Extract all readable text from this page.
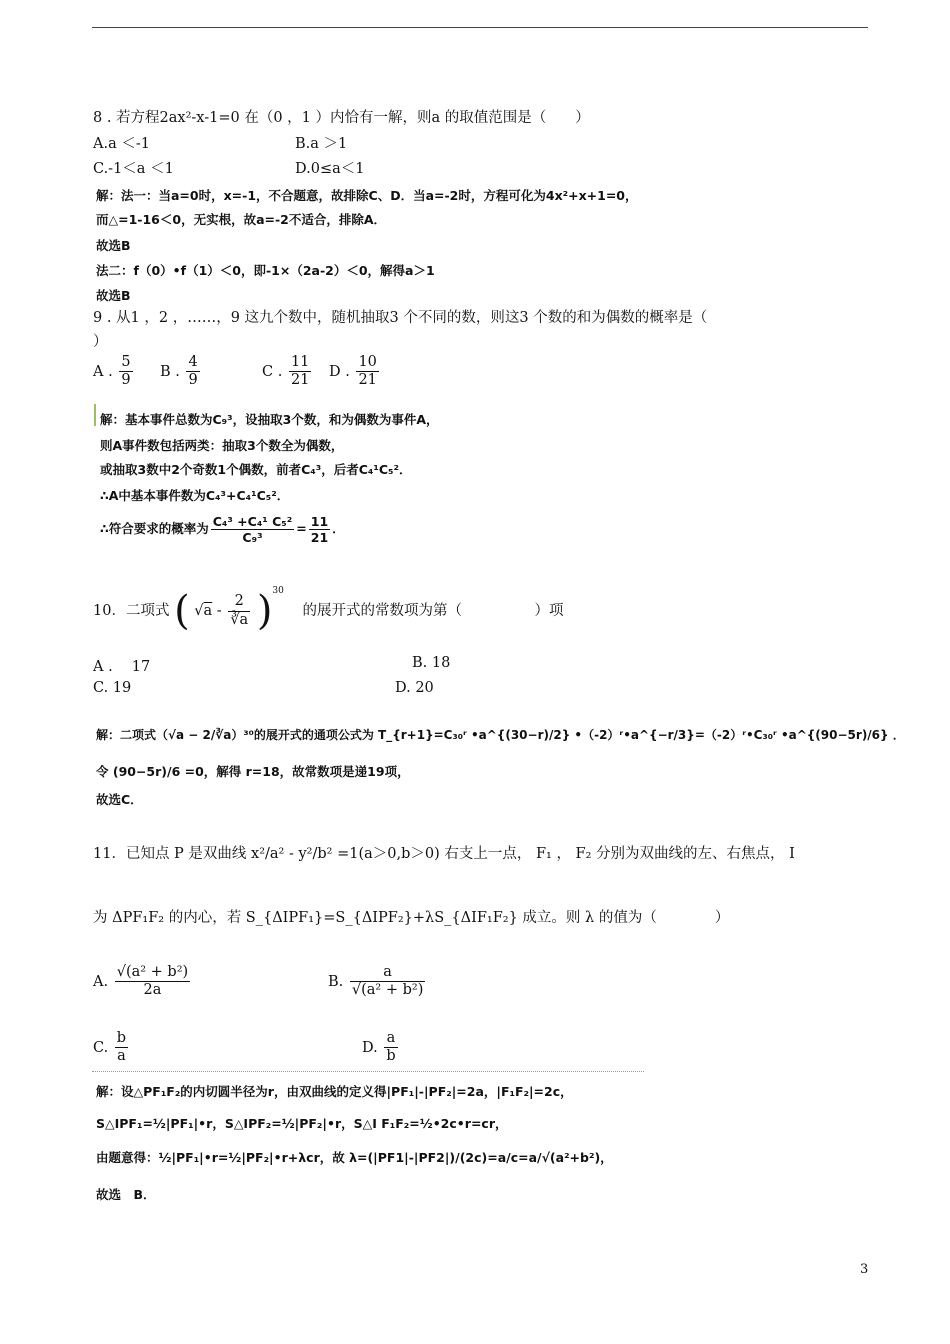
8 . 若方程2ax²-x-1=0 在（0 ，1 ）内恰有一解，则a 的取值范围是（　　）
A.a ＜-1	B.a ＞1
C.-1＜a ＜1	D.0≤a＜1
解：法一：当a=0时，x=-1，不合题意，故排除C、D．当a=-2时，方程可化为4x²+x+1=0，
而△=1-16＜0，无实根，故a=-2不适合，排除A．
故选B
法二：f（0）•f（1）＜0，即-1×（2a-2）＜0，解得a＞1
故选B
9 . 从1 ，2 ，……，9 这九个数中，随机抽取3 个不同的数，则这3 个数的和为偶数的概率是（
）
A . $\frac{5}{9}$ B . $\frac{4}{9}$	C . $\frac{11}{21}$ D . $\frac{10}{21}$
解：基本事件总数为C₉³，设抽取3个数，和为偶数为事件A，
则A事件数包括两类：抽取3个数全为偶数，
或抽取3数中2个奇数1个偶数，前者C₄³，后者C₄¹C₅²．
∴A中基本事件数为C₄³+C₄¹C₅²．
∴符合要求的概率为 $\frac{\text{C₄³ +C₄¹ C₅²}}{\text{C₉³}} = \frac{11}{21}$ ．
10．二项式 ( $√a - \frac{2}{∛a} )^{30}$ 的展开式的常数项为第（　　　　　）项
A .　 17	B. 18
C. 19	D. 20
解：二项式（√a − 2/∛a）³⁰的展开式的通项公式为 T_{r+1}=C₃₀ʳ •a^{(30−r)/2} •（-2）ʳ•a^{−r/3}=（-2）ʳ•C₃₀ʳ •a^{(90−5r)/6} ．
令 (90−5r)/6 =0，解得 r=18，故常数项是递19项，
故选C．
11．已知点 P 是双曲线 x²/a² - y²/b² =1(a＞0,b＞0) 右支上一点， F₁ ， F₂ 分别为双曲线的左、右焦点， I
为 ΔPF₁F₂ 的内心，若 S_{ΔIPF₁}=S_{ΔIPF₂}+λS_{ΔIF₁F₂} 成立。则 λ 的值为（　　　　）
A. $\frac{\text{√(a² + b²)}}{2a}$	B. $\frac{a}{\text{√(a² + b²)}}$
C. $\frac{b}{a}$	D. $\frac{a}{b}$
解：设△PF₁F₂的内切圆半径为r，由双曲线的定义得|PF₁|-|PF₂|=2a，|F₁F₂|=2c，
S△IPF₁=½|PF₁|•r，S△IPF₂=½|PF₂|•r，S△I F₁F₂=½•2c•r=cr，
由题意得：½|PF₁|•r=½|PF₂|•r+λcr，故 λ=(|PF1|-|PF2|)/(2c)=a/c=a/√(a²+b²)，
故选　B．
3
